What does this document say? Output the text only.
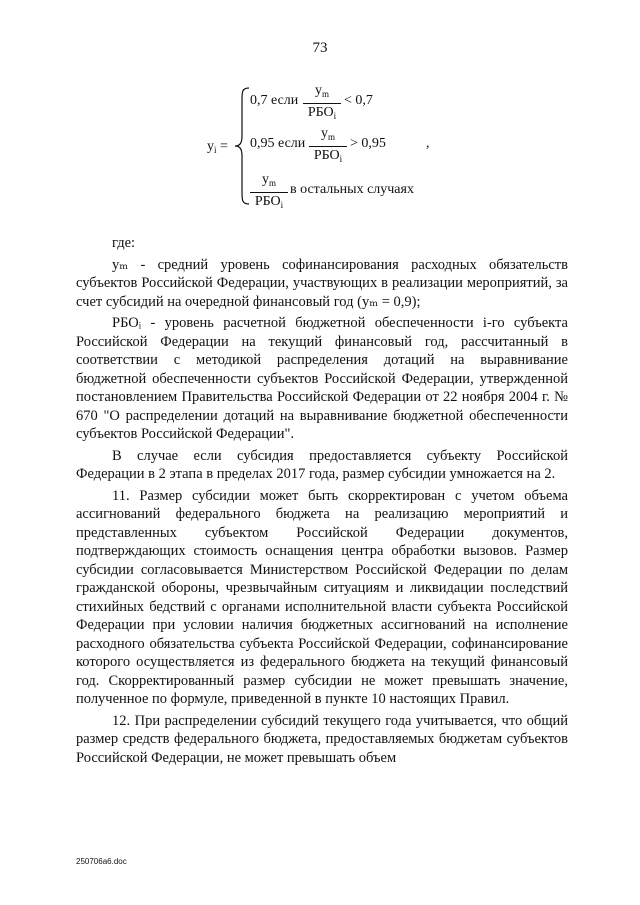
73
$y_i$ =
0,7 если
$y_m$
$РБО_i$
< 0,7
0,95 если
$y_m$
$РБО_i$
> 0,95	,
$y_m$
$РБО_i$
в остальных случаях

где:

yₘ - средний уровень софинансирования расходных обязательств субъектов Российской Федерации, участвующих в реализации мероприятий, за счет субсидий на очередной финансовый год (yₘ = 0,9);

РБОᵢ - уровень расчетной бюджетной обеспеченности i-го субъекта Российской Федерации на текущий финансовый год, рассчитанный в соответствии с методикой распределения дотаций на выравнивание бюджетной обеспеченности субъектов Российской Федерации, утвержденной постановлением Правительства Российской Федерации от 22 ноября 2004 г. № 670 "О распределении дотаций на выравнивание бюджетной обеспеченности субъектов Российской Федерации".

В случае если субсидия предоставляется субъекту Российской Федерации в 2 этапа в пределах 2017 года, размер субсидии умножается на 2.

11. Размер субсидии может быть скорректирован с учетом объема ассигнований федерального бюджета на реализацию мероприятий и представленных субъектом Российской Федерации документов, подтверждающих стоимость оснащения центра обработки вызовов. Размер субсидии согласовывается Министерством Российской Федерации по делам гражданской обороны, чрезвычайным ситуациям и ликвидации последствий стихийных бедствий с органами исполнительной власти субъекта Российской Федерации при условии наличия бюджетных ассигнований на исполнение расходного обязательства субъекта Российской Федерации, софинансирование которого осуществляется из федерального бюджета на текущий финансовый год. Скорректированный размер субсидии не может превышать значение, полученное по формуле, приведенной в пункте 10 настоящих Правил.

12. При распределении субсидий текущего года учитывается, что общий размер средств федерального бюджета, предоставляемых бюджетам субъектов Российской Федерации, не может превышать объем

250706a6.doc
